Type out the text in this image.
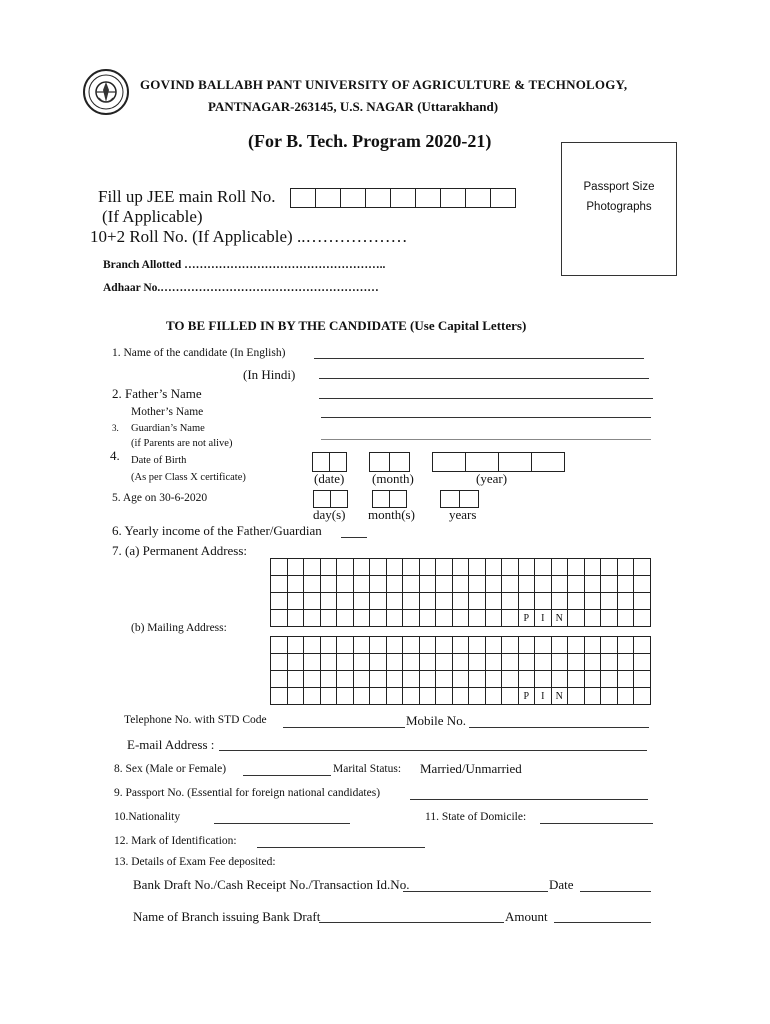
GOVIND BALLABH PANT UNIVERSITY OF AGRICULTURE & TECHNOLOGY,
PANTNAGAR-263145, U.S. NAGAR (Uttarakhand)
(For B. Tech. Program 2020-21)
Passport Size
Photographs
Fill up JEE main Roll No.
(If Applicable)
10+2 Roll No. (If Applicable) ..………………
Branch Allotted ……………………………………………..
Adhaar No.…………………………………………………
TO BE FILLED IN BY THE CANDIDATE (Use Capital Letters)
1. Name of the candidate (In English)
(In Hindi)
2. Father’s Name
Mother’s Name
3. Guardian’s Name
(if Parents are not alive)
4. Date of Birth
(As per Class X certificate)	(date) (month)	(year)
5. Age on 30-6-2020
day(s) month(s)	years
6. Yearly income of the Father/Guardian
7. (a) Permanent Address:

															P	I	N					
(b) Mailing Address:

															P	I	N					
Telephone No. with STD Code	Mobile No.
E-mail Address :
8. Sex (Male or Female)	Marital Status: Married/Unmarried
9. Passport No. (Essential for foreign national candidates)
10.Nationality	11. State of Domicile:
12. Mark of Identification:
13. Details of Exam Fee deposited:
Bank Draft No./Cash Receipt No./Transaction Id.No.	Date
Name of Branch issuing Bank Draft	Amount
